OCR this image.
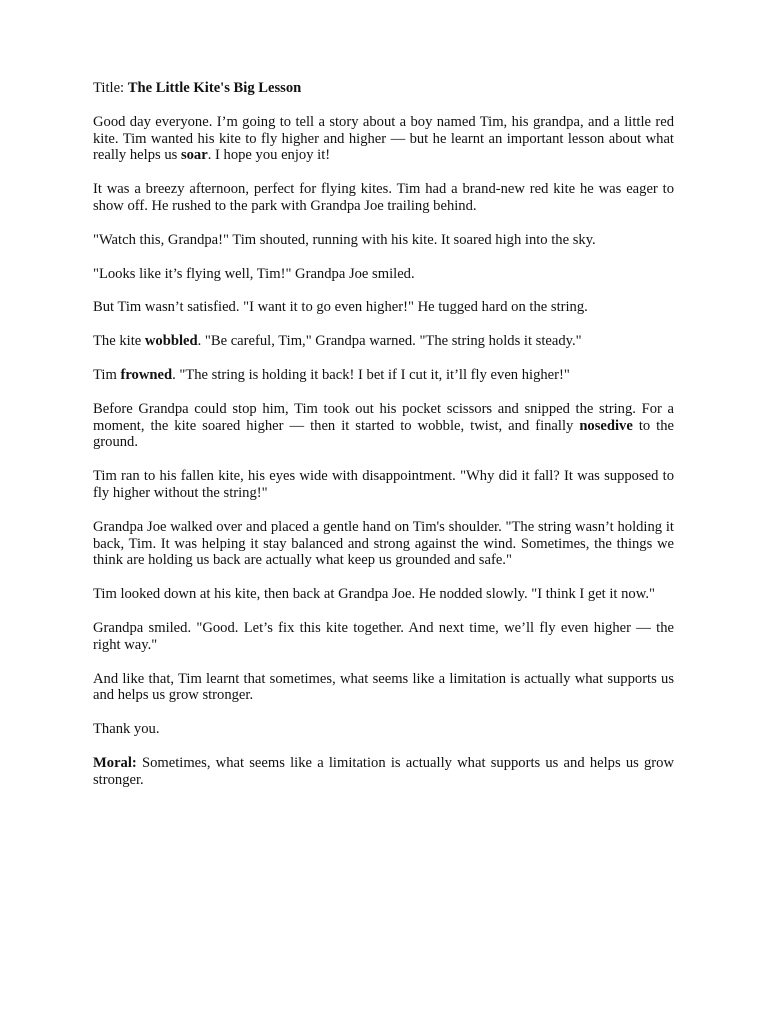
Title: The Little Kite's Big Lesson

Good day everyone. I’m going to tell a story about a boy named Tim, his grandpa, and a little red kite. Tim wanted his kite to fly higher and higher — but he learnt an important lesson about what really helps us soar. I hope you enjoy it!

It was a breezy afternoon, perfect for flying kites. Tim had a brand-new red kite he was eager to show off. He rushed to the park with Grandpa Joe trailing behind.

"Watch this, Grandpa!" Tim shouted, running with his kite. It soared high into the sky.

"Looks like it’s flying well, Tim!" Grandpa Joe smiled.

But Tim wasn’t satisfied. "I want it to go even higher!" He tugged hard on the string.

The kite wobbled. "Be careful, Tim," Grandpa warned. "The string holds it steady."

Tim frowned. "The string is holding it back! I bet if I cut it, it’ll fly even higher!"

Before Grandpa could stop him, Tim took out his pocket scissors and snipped the string. For a moment, the kite soared higher — then it started to wobble, twist, and finally nosedive to the ground.

Tim ran to his fallen kite, his eyes wide with disappointment. "Why did it fall? It was supposed to fly higher without the string!"

Grandpa Joe walked over and placed a gentle hand on Tim's shoulder. "The string wasn’t holding it back, Tim. It was helping it stay balanced and strong against the wind. Sometimes, the things we think are holding us back are actually what keep us grounded and safe."

Tim looked down at his kite, then back at Grandpa Joe. He nodded slowly. "I think I get it now."

Grandpa smiled. "Good. Let’s fix this kite together. And next time, we’ll fly even higher — the right way."

And like that, Tim learnt that sometimes, what seems like a limitation is actually what supports us and helps us grow stronger.

Thank you.

Moral: Sometimes, what seems like a limitation is actually what supports us and helps us grow stronger.
